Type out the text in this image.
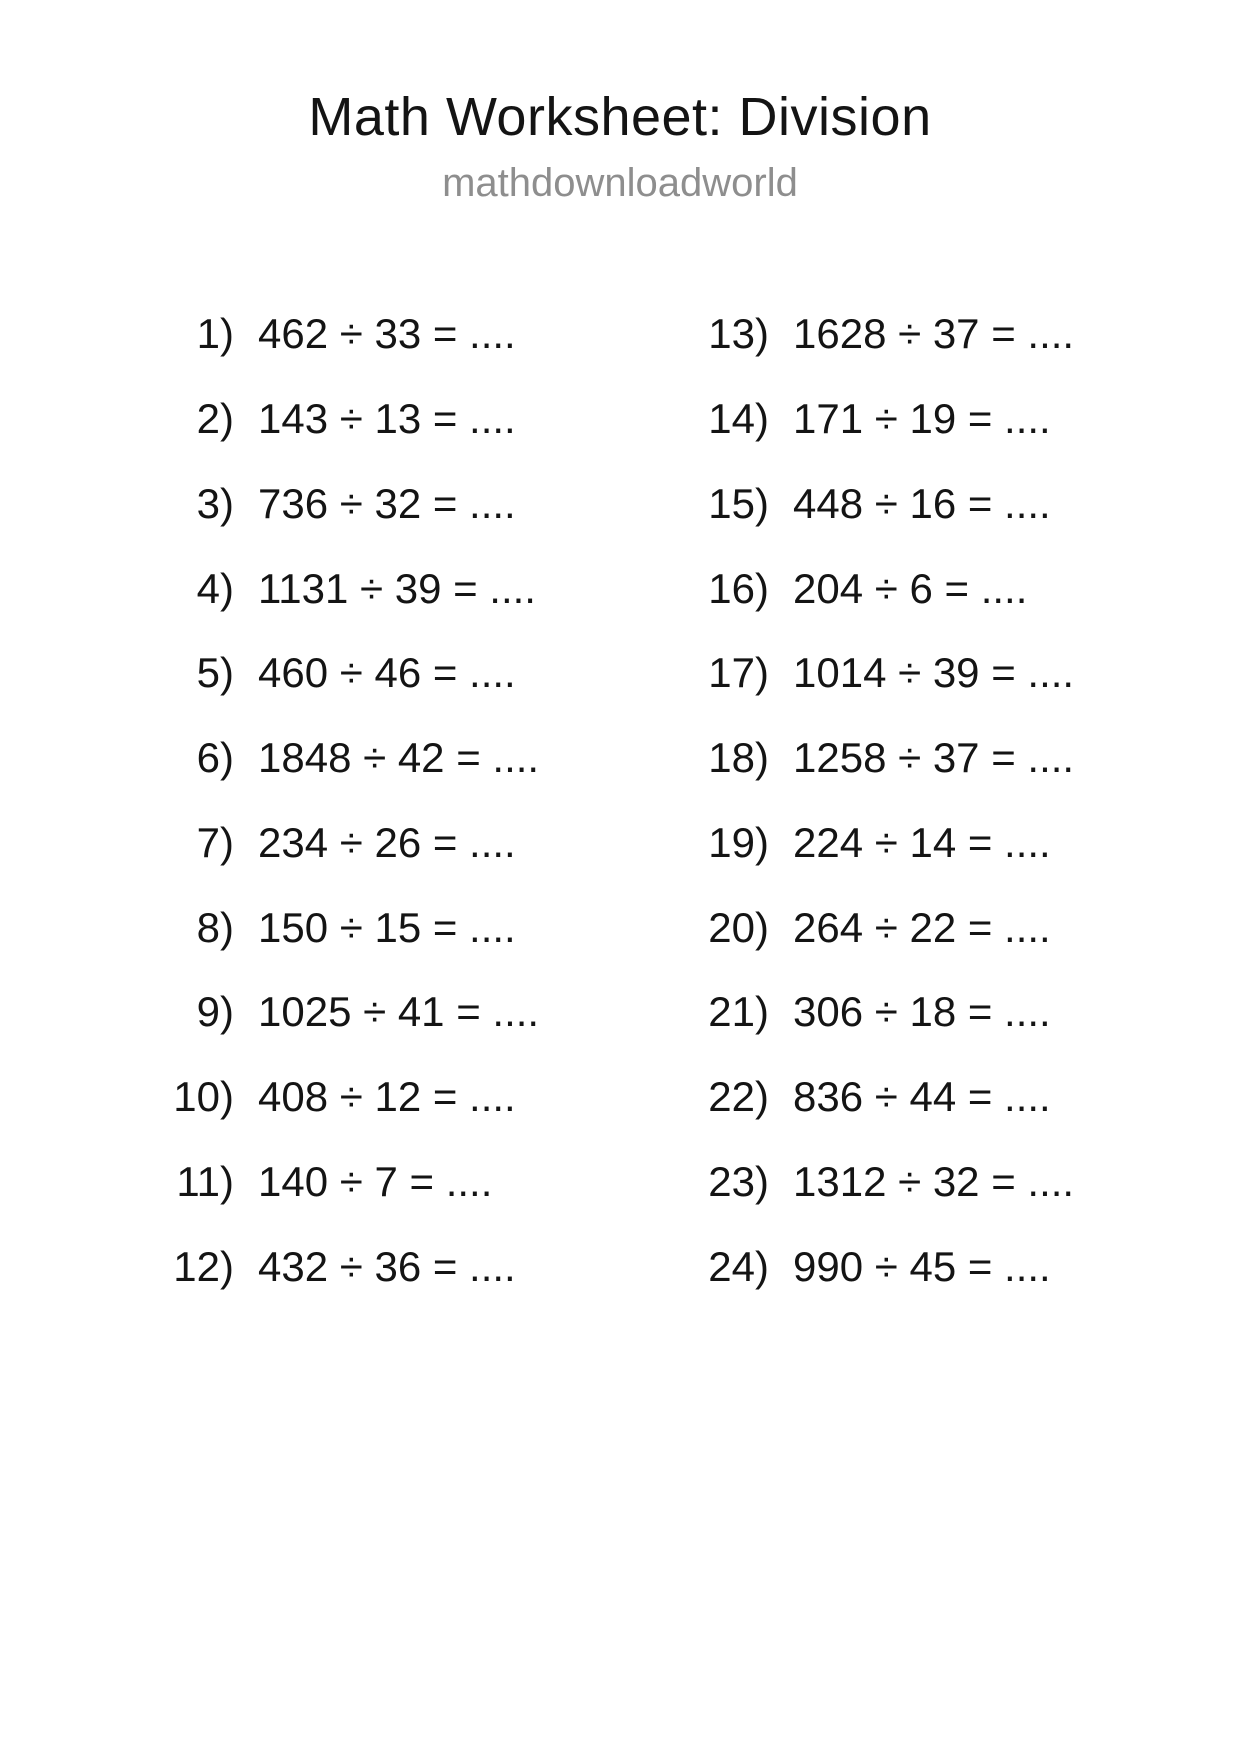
Math Worksheet: Division
mathdownloadworld
1) 462 ÷ 33 = ....
2) 143 ÷ 13 = ....
3) 736 ÷ 32 = ....
4) 1131 ÷ 39 = ....
5) 460 ÷ 46 = ....
6) 1848 ÷ 42 = ....
7) 234 ÷ 26 = ....
8) 150 ÷ 15 = ....
9) 1025 ÷ 41 = ....
10) 408 ÷ 12 = ....
11) 140 ÷ 7 = ....
12) 432 ÷ 36 = ....
13) 1628 ÷ 37 = ....
14) 171 ÷ 19 = ....
15) 448 ÷ 16 = ....
16) 204 ÷ 6 = ....
17) 1014 ÷ 39 = ....
18) 1258 ÷ 37 = ....
19) 224 ÷ 14 = ....
20) 264 ÷ 22 = ....
21) 306 ÷ 18 = ....
22) 836 ÷ 44 = ....
23) 1312 ÷ 32 = ....
24) 990 ÷ 45 = ....
